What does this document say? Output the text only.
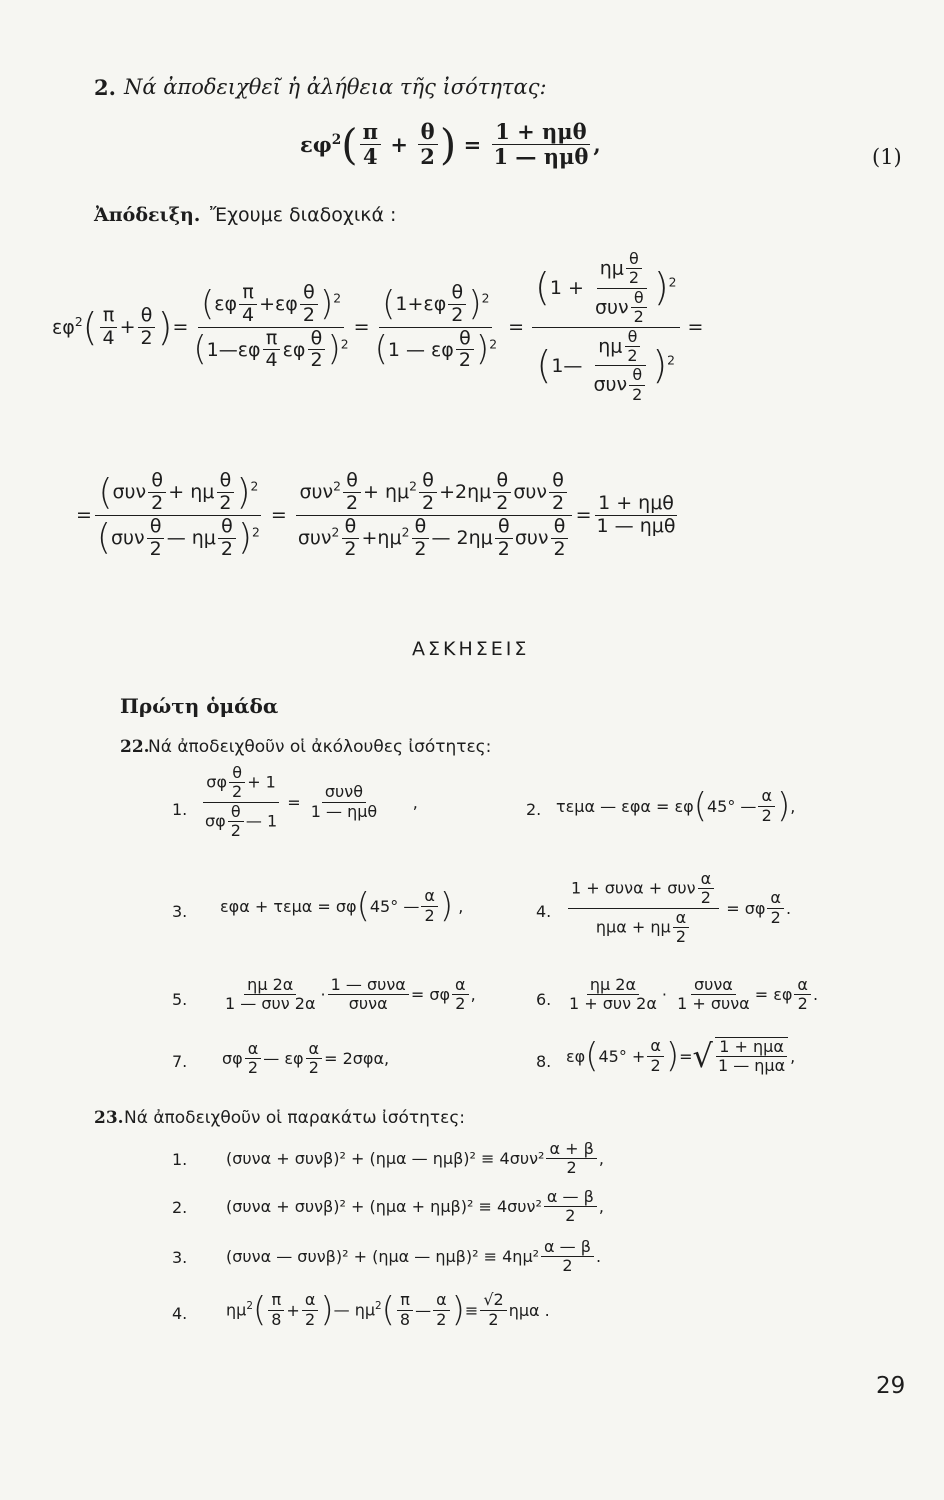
2. Νά ἀποδειχθεῖ ἡ ἀλήθεια τῆς ἰσότητας:
$\varepsilon\varphi^2$ ( $\frac{\pi}{4} + \frac{\theta}{2}$ ) = $\frac{\text{1 + ημθ}}{\text{1 — ημθ}}$ ,	(1)
Ἀπόδειξη. Ἔχουμε διαδοχικά :
$\varepsilon\varphi^2$ ( $\frac{\pi}{4} + \frac{\theta}{2}$ ) = $\frac{(\varepsilon\varphi \frac{\pi}{4} +\varepsilon\varphi \frac{\theta}{2} )^2}{(1—\varepsilon\varphi \frac{\pi}{4} \varepsilon\varphi \frac{\theta}{2} )^2} = \frac{(1+\varepsilon\varphi \frac{\theta}{2} )^2}{(1 — \varepsilon\varphi \frac{\theta}{2} )^2} = \frac{(1 + \frac{\eta\mu \frac{\theta}{2}}{\sigma\upsilon\nu \frac{\theta}{2}} )^2}{(1— \frac{\eta\mu \frac{\theta}{2}}{\sigma\upsilon\nu \frac{\theta}{2}} )^2}$ =
= $\frac{(\sigma\upsilon\nu \frac{\theta}{2} + \eta\mu \frac{\theta}{2} )^2}{(\sigma\upsilon\nu \frac{\theta}{2} — \eta\mu \frac{\theta}{2} )^2} = \frac{\sigma\upsilon\nu^2 \frac{\theta}{2} + \eta\mu^2 \frac{\theta}{2} +2\eta\mu \frac{\theta}{2} \sigma\upsilon\nu \frac{\theta}{2}}{\sigma\upsilon\nu^2 \frac{\theta}{2} +\eta\mu^2 \frac{\theta}{2} — 2\eta\mu \frac{\theta}{2} \sigma\upsilon\nu \frac{\theta}{2}} = \frac{\text{1 + ημθ}}{\text{1 — ημθ}}$
ΑΣΚΗΣΕΙΣ
Πρώτη ὁμάδα
22.
Νά ἀποδειχθοῦν οἱ ἀκόλουθες ἰσότητες:
1. $\frac{\sigma\varphi \frac{\theta}{2} + 1}{\sigma\varphi \frac{\theta}{2} — 1} = \frac{\text{συνθ}}{\text{1 — ημθ}}$ ,	2. τεμα — εφα = εφ ( 45° — $\frac{\alpha}{2}$ ) ,
3. εφα + τεμα = σφ ( 45° — $\frac{\alpha}{2}$ ) ,	4. $\frac{1 + \sigma\upsilon\nu\alpha + \sigma\upsilon\nu \frac{\alpha}{2}}{\eta\mu\alpha + \eta\mu \frac{\alpha}{2}} = \sigma\varphi \frac{\alpha}{2}$ .
5. $\frac{\eta\mu 2\alpha}{\text{1 — συν 2α}} \cdot \frac{\text{1 — συνα}}{\text{συνα}} = \sigma\varphi \frac{\alpha}{2}$ ,	6. $\frac{\eta\mu 2\alpha}{\text{1 + συν 2α}} \cdot \frac{\text{συνα}}{\text{1 + συνα}} = \varepsilon\varphi \frac{\alpha}{2}$ .
7. σφ $\frac{\alpha}{2}$ — εφ $\frac{\alpha}{2} = 2\sigma\varphi\alpha$,	8. εφ ( $45^\circ + \frac{\alpha}{2}$ ) = √ $\frac{\text{1 + ημα}}{\text{1 — ημα}}$ ,
23. Νά ἀποδειχθοῦν οἱ παρακάτω ἰσότητες:
1. (συνα + συνβ)² + (ημα — $\eta\mu\beta)^2 \equiv 4\sigma\upsilon\nu^2 \frac{\alpha + \beta}{2}$ ,
2. $(\sigma\upsilon\nu\alpha + \sigma\upsilon\nu\beta)^2 + (\eta\mu\alpha + \eta\mu\beta)^2 \equiv 4\sigma\upsilon\nu^2 \frac{\alpha — \beta}{2}$ ,
3. (συνα — συνβ)² + (ημα — $\eta\mu\beta)^2 \equiv 4\eta\mu^2 \frac{\alpha — \beta}{2}$ .
4. $\eta\mu^2$ ( $\frac{\pi}{8} + \frac{\alpha}{2}$ ) — $\eta\mu^2$ ( $\frac{\pi}{8}$ — $\frac{\alpha}{2}$ ) ≡ $\frac{√2}{2}$ ημα .
29
